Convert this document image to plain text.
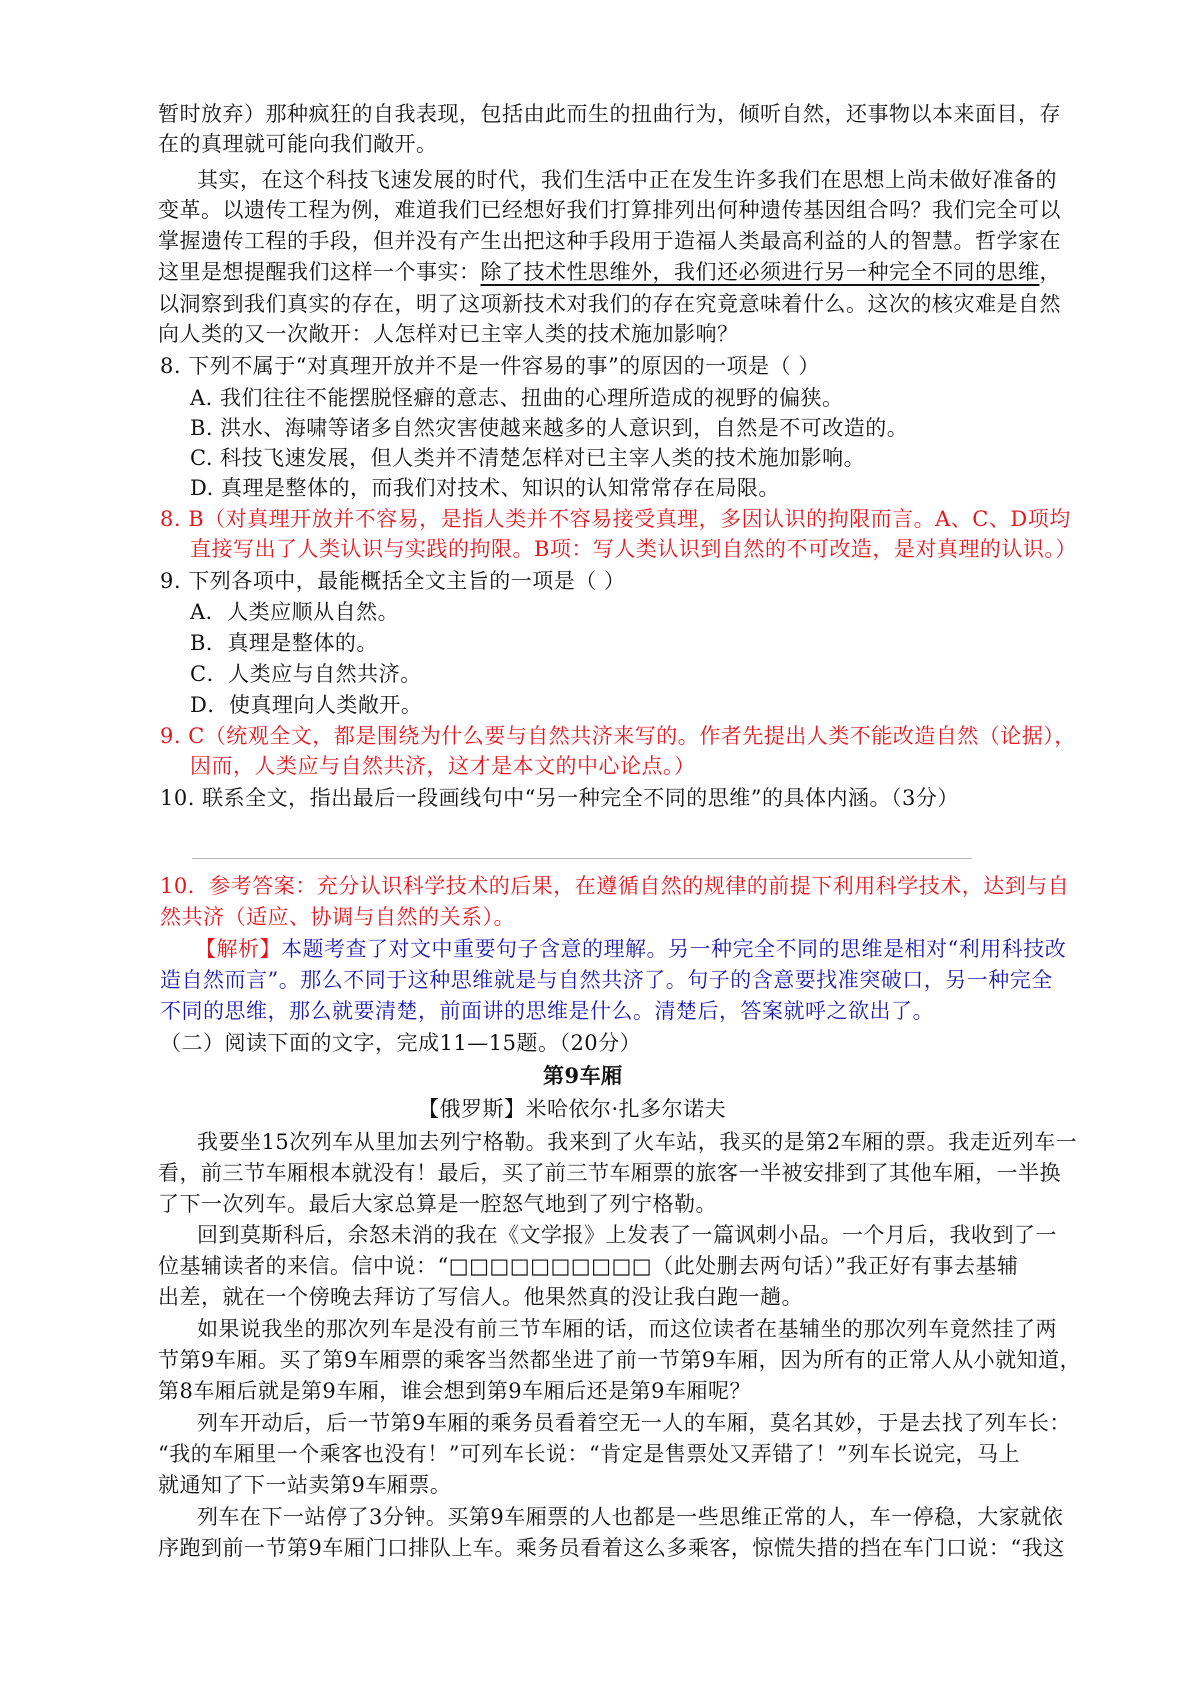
暂时放弃）那种疯狂的自我表现，包括由此而生的扭曲行为，倾听自然，还事物以本来面目，存

在的真理就可能向我们敞开。

其实，在这个科技飞速发展的时代，我们生活中正在发生许多我们在思想上尚未做好准备的

变革。以遗传工程为例，难道我们已经想好我们打算排列出何种遗传基因组合吗？我们完全可以

掌握遗传工程的手段，但并没有产生出把这种手段用于造福人类最高利益的人的智慧。哲学家在

这里是想提醒我们这样一个事实：除了技术性思维外，我们还必须进行另一种完全不同的思维，

以洞察到我们真实的存在，明了这项新技术对我们的存在究竟意味着什么。这次的核灾难是自然

向人类的又一次敞开：人怎样对已主宰人类的技术施加影响？

8. 下列不属于“对真理开放并不是一件容易的事”的原因的一项是（ ）

A. 我们往往不能摆脱怪癖的意志、扭曲的心理所造成的视野的偏狭。

B. 洪水、海啸等诸多自然灾害使越来越多的人意识到，自然是不可改造的。

C. 科技飞速发展，但人类并不清楚怎样对已主宰人类的技术施加影响。

D. 真理是整体的，而我们对技术、知识的认知常常存在局限。

8. B（对真理开放并不容易，是指人类并不容易接受真理，多因认识的拘限而言。A、C、D项均

直接写出了人类认识与实践的拘限。B项：写人类认识到自然的不可改造，是对真理的认识。）

9. 下列各项中，最能概括全文主旨的一项是（ ）

A．人类应顺从自然。

B．真理是整体的。

C．人类应与自然共济。

D．使真理向人类敞开。

9. C（统观全文，都是围绕为什么要与自然共济来写的。作者先提出人类不能改造自然（论据），

因而，人类应与自然共济，这才是本文的中心论点。）

10. 联系全文，指出最后一段画线句中“另一种完全不同的思维”的具体内涵。（3分）

10．参考答案：充分认识科学技术的后果，在遵循自然的规律的前提下利用科学技术，达到与自

然共济（适应、协调与自然的关系）。

【解析】本题考查了对文中重要句子含意的理解。另一种完全不同的思维是相对“利用科技改

造自然而言”。那么不同于这种思维就是与自然共济了。句子的含意要找准突破口，另一种完全

不同的思维，那么就要清楚，前面讲的思维是什么。清楚后，答案就呼之欲出了。

（二）阅读下面的文字，完成11—15题。（20分）

第9车厢

【俄罗斯】米哈依尔·扎多尔诺夫

我要坐15次列车从里加去列宁格勒。我来到了火车站，我买的是第2车厢的票。我走近列车一

看，前三节车厢根本就没有！最后，买了前三节车厢票的旅客一半被安排到了其他车厢，一半换

了下一次列车。最后大家总算是一腔怒气地到了列宁格勒。

回到莫斯科后，余怒未消的我在《文学报》上发表了一篇讽刺小品。一个月后，我收到了一

位基辅读者的来信。信中说：“□□□□□□□□□□（此处删去两句话）”我正好有事去基辅

出差，就在一个傍晚去拜访了写信人。他果然真的没让我白跑一趟。

如果说我坐的那次列车是没有前三节车厢的话，而这位读者在基辅坐的那次列车竟然挂了两

节第9车厢。买了第9车厢票的乘客当然都坐进了前一节第9车厢，因为所有的正常人从小就知道，

第8车厢后就是第9车厢，谁会想到第9车厢后还是第9车厢呢？

列车开动后，后一节第9车厢的乘务员看着空无一人的车厢，莫名其妙，于是去找了列车长：

“我的车厢里一个乘客也没有！”可列车长说：“肯定是售票处又弄错了！”列车长说完，马上

就通知了下一站卖第9车厢票。

列车在下一站停了3分钟。买第9车厢票的人也都是一些思维正常的人，车一停稳，大家就依

序跑到前一节第9车厢门口排队上车。乘务员看着这么多乘客，惊慌失措的挡在车门口说：“我这
